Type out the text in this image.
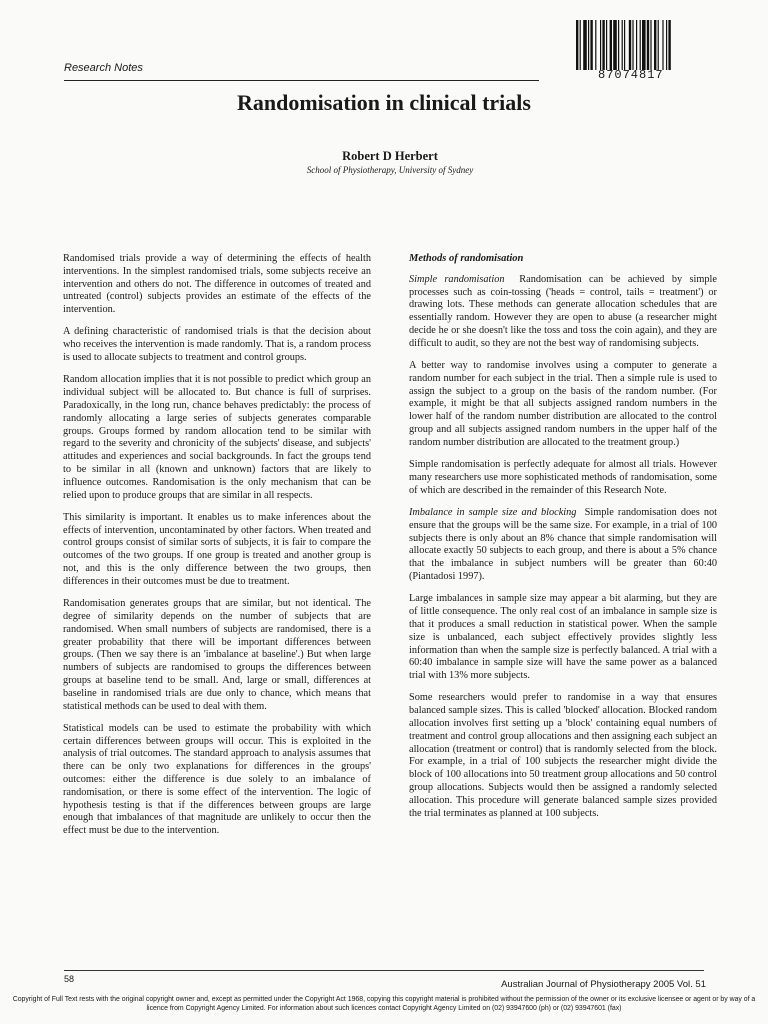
Research Notes	87074817
Randomisation in clinical trials
Robert D Herbert
School of Physiotherapy, University of Sydney

Randomised trials provide a way of determining the effects of health interventions. In the simplest randomised trials, some subjects receive an intervention and others do not. The difference in outcomes of treated and untreated (control) subjects provides an estimate of the effects of the intervention.

A defining characteristic of randomised trials is that the decision about who receives the intervention is made randomly. That is, a random process is used to allocate subjects to treatment and control groups.

Random allocation implies that it is not possible to predict which group an individual subject will be allocated to. But chance is full of surprises. Paradoxically, in the long run, chance behaves predictably: the process of randomly allocating a large series of subjects generates comparable groups. Groups formed by random allocation tend to be similar with regard to the severity and chronicity of the subjects' disease, and subjects' attitudes and experiences and social backgrounds. In fact the groups tend to be similar in all (known and unknown) factors that are likely to influence outcomes. Randomisation is the only mechanism that can be relied upon to produce groups that are similar in all respects.

This similarity is important. It enables us to make inferences about the effects of intervention, uncontaminated by other factors. When treated and control groups consist of similar sorts of subjects, it is fair to compare the outcomes of the two groups. If one group is treated and another group is not, and this is the only difference between the two groups, then differences in their outcomes must be due to treatment.

Randomisation generates groups that are similar, but not identical. The degree of similarity depends on the number of subjects that are randomised. When small numbers of subjects are randomised, there is a greater probability that there will be important differences between groups. (Then we say there is an 'imbalance at baseline'.) But when large numbers of subjects are randomised to groups the differences between groups at baseline tend to be small. And, large or small, differences at baseline in randomised trials are due only to chance, which means that statistical methods can be used to deal with them.

Statistical models can be used to estimate the probability with which certain differences between groups will occur. This is exploited in the analysis of trial outcomes. The standard approach to analysis assumes that there can be only two explanations for differences in the groups' outcomes: either the difference is due solely to an imbalance of randomisation, or there is some effect of the intervention. The logic of hypothesis testing is that if the differences between groups are large enough that imbalances of that magnitude are unlikely to occur then the effect must be due to the intervention.

Methods of randomisation

Simple randomisation Randomisation can be achieved by simple processes such as coin-tossing ('heads = control, tails = treatment') or drawing lots. These methods can generate allocation schedules that are essentially random. However they are open to abuse (a researcher might decide he or she doesn't like the toss and toss the coin again), and they are difficult to audit, so they are not the best way of randomising subjects.

A better way to randomise involves using a computer to generate a random number for each subject in the trial. Then a simple rule is used to assign the subject to a group on the basis of the random number. (For example, it might be that all subjects assigned random numbers in the lower half of the random number distribution are allocated to the control group and all subjects assigned random numbers in the upper half of the random number distribution are allocated to the treatment group.)

Simple randomisation is perfectly adequate for almost all trials. However many researchers use more sophisticated methods of randomisation, some of which are described in the remainder of this Research Note.

Imbalance in sample size and blocking Simple randomisation does not ensure that the groups will be the same size. For example, in a trial of 100 subjects there is only about an 8% chance that simple randomisation will allocate exactly 50 subjects to each group, and there is about a 5% chance that the imbalance in subject numbers will be greater than 60:40 (Piantadosi 1997).

Large imbalances in sample size may appear a bit alarming, but they are of little consequence. The only real cost of an imbalance in sample size is that it produces a small reduction in statistical power. When the sample size is unbalanced, each subject effectively provides slightly less information than when the sample size is perfectly balanced. A trial with a 60:40 imbalance in sample size will have the same power as a balanced trial with 13% more subjects.

Some researchers would prefer to randomise in a way that ensures balanced sample sizes. This is called 'blocked' allocation. Blocked random allocation involves first setting up a 'block' containing equal numbers of treatment and control group allocations and then assigning each subject an allocation (treatment or control) that is randomly selected from the block. For example, in a trial of 100 subjects the researcher might divide the block of 100 allocations into 50 treatment group allocations and 50 control group allocations. Subjects would then be assigned a randomly selected allocation. This procedure will generate balanced sample sizes provided the trial terminates as planned at 100 subjects.

58	Australian Journal of Physiotherapy 2005 Vol. 51
Copyright of Full Text rests with the original copyright owner and, except as permitted under the Copyright Act 1968, copying this copyright material is prohibited without the permission of the owner or its exclusive licensee or agent or by way of a licence from Copyright Agency Limited. For information about such licences contact Copyright Agency Limited on (02) 93947600 (ph) or (02) 93947601 (fax)
